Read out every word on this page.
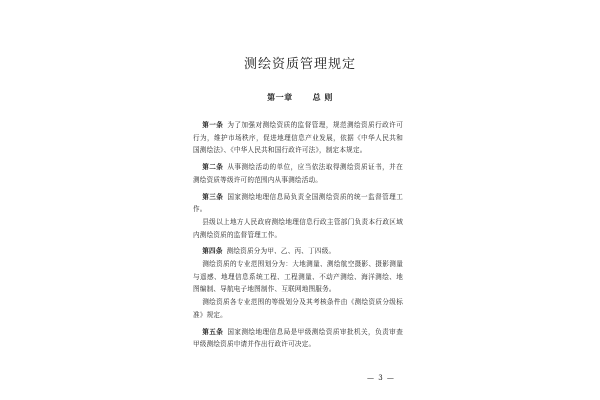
测绘资质管理规定
第一章	总 则

第一条 为了加强对测绘资质的监督管理，规范测绘资质行政许可行为，维护市场秩序，促进地理信息产业发展，依据《中华人民共和国测绘法》、《中华人民共和国行政许可法》，制定本规定。

第二条 从事测绘活动的单位，应当依法取得测绘资质证书，并在测绘资质等级许可的范围内从事测绘活动。

第三条 国家测绘地理信息局负责全国测绘资质的统一监督管理工作。

县级以上地方人民政府测绘地理信息行政主管部门负责本行政区域内测绘资质的监督管理工作。

第四条 测绘资质分为甲、乙、丙、丁四级。

测绘资质的专业范围划分为：大地测量、测绘航空摄影、摄影测量与遥感、地理信息系统工程、工程测量、不动产测绘、海洋测绘、地图编制、导航电子地图制作、互联网地图服务。

测绘资质各专业范围的等级划分及其考核条件由《测绘资质分级标准》规定。

第五条 国家测绘地理信息局是甲级测绘资质审批机关，负责审查甲级测绘资质申请并作出行政许可决定。

— 3 —
